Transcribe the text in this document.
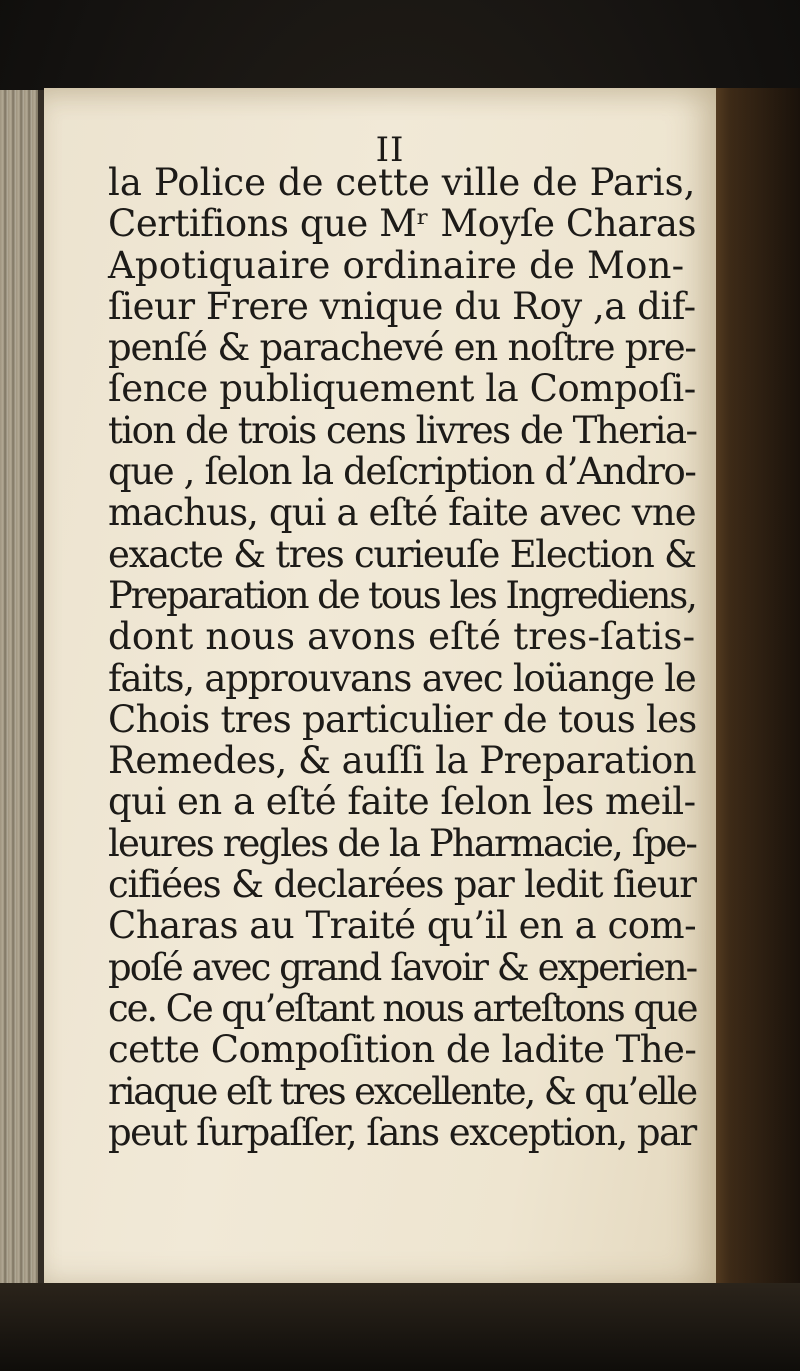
II
la Police de cette ville de Paris,
Certifions que Mʳ Moyſe Charas
Apotiquaire ordinaire de Mon-
ſieur Frere vnique du Roy ,a dif-
penſé & parachevé en noſtre pre-
ſence publiquement la Compoſi-
tion de trois cens livres de Theria-
que , ſelon la deſcription d’Andro-
machus, qui a eſté faite avec vne
exacte & tres curieuſe Election &
Preparation de tous les Ingrediens,
dont nous avons eſté tres-ſatis-
faits, approuvans avec loüange le
Chois tres particulier de tous les
Remedes, & auſſi la Preparation
qui en a eſté faite ſelon les meil-
leures regles de la Pharmacie, ſpe-
cifiées & declarées par ledit ſieur
Charas au Traité qu’il en a com-
poſé avec grand ſavoir & experien-
ce. Ce qu’eſtant nous arteſtons que
cette Compoſition de ladite The-
riaque eſt tres excellente, & qu’elle
peut ſurpaſſer, ſans exception, par
